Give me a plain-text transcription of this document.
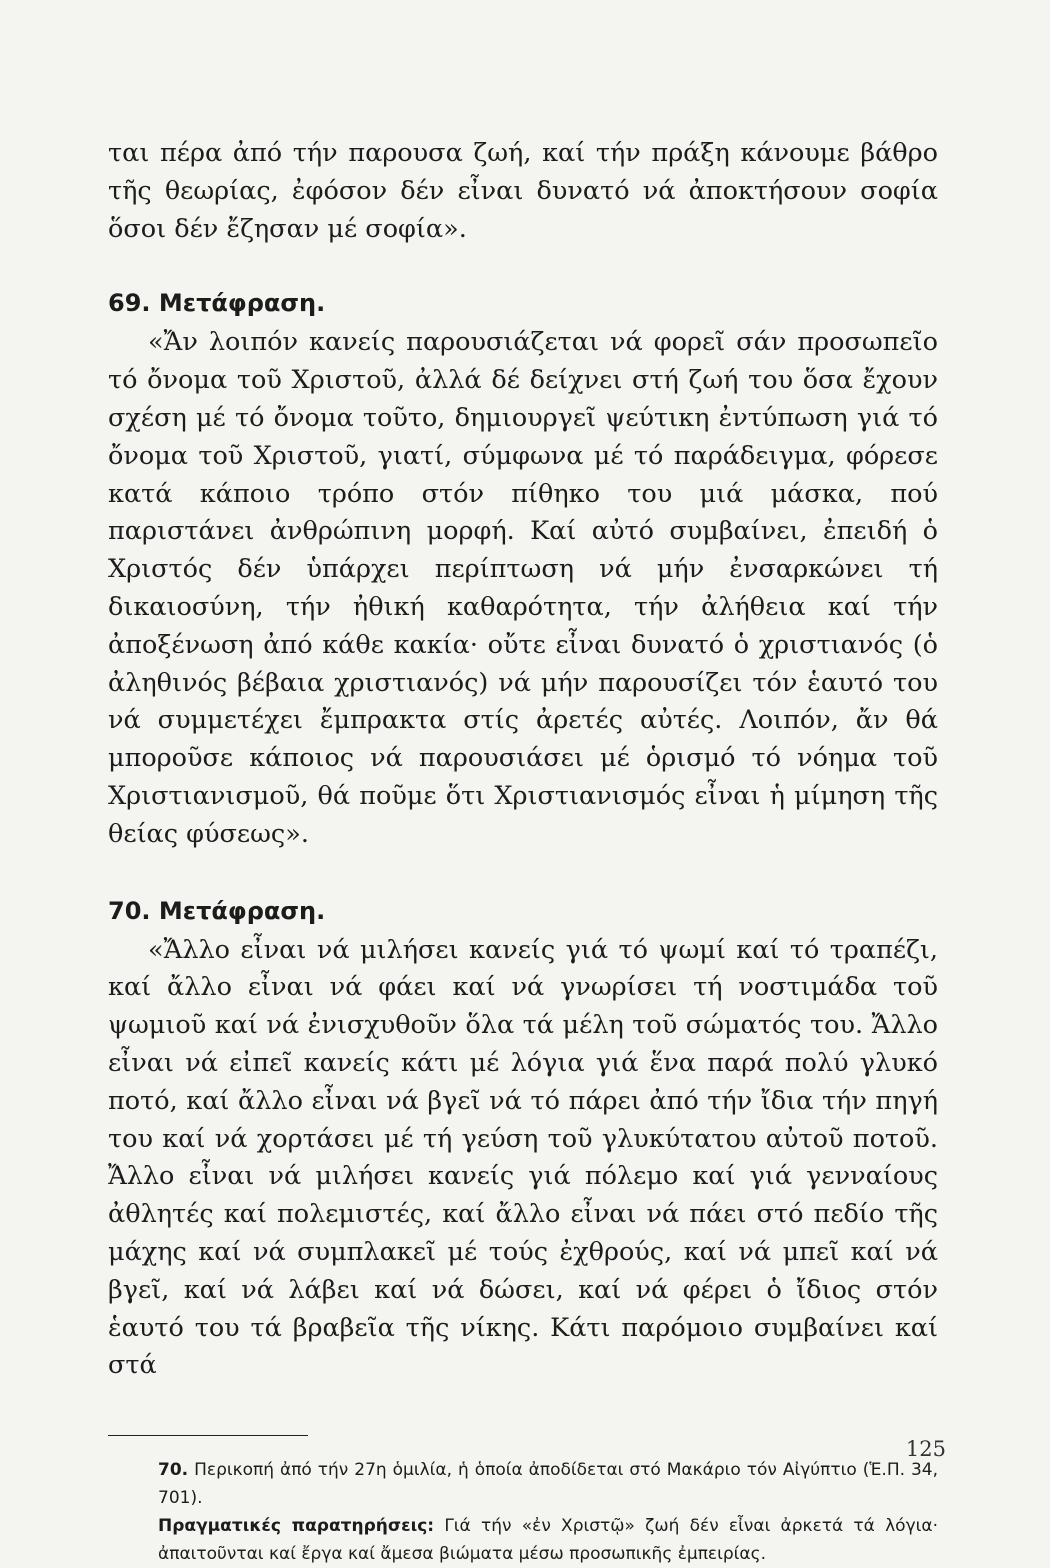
ται πέρα ἀπό τήν παρουσα ζωή, καί τήν πράξη κάνουμε βάθρο τῆς θεωρίας, ἐφόσον δέν εἶναι δυνατό νά ἀποκτήσουν σοφία ὅσοι δέν ἔζησαν μέ σοφία».

69. Μετάφραση.

«Ἄν λοιπόν κανείς παρουσιάζεται νά φορεῖ σάν προσωπεῖο τό ὄνομα τοῦ Χριστοῦ, ἀλλά δέ δείχνει στή ζωή του ὅσα ἔχουν σχέση μέ τό ὄνομα τοῦτο, δημιουργεῖ ψεύτικη ἐντύπωση γιά τό ὄνομα τοῦ Χριστοῦ, γιατί, σύμφωνα μέ τό παράδειγμα, φόρεσε κατά κάποιο τρόπο στόν πίθηκο του μιά μάσκα, πού παριστάνει ἀνθρώπινη μορφή. Καί αὐτό συμβαίνει, ἐπειδή ὁ Χριστός δέν ὑπάρχει περίπτωση νά μήν ἐνσαρκώνει τή δικαιοσύνη, τήν ἠθική καθαρότητα, τήν ἀλήθεια καί τήν ἀποξένωση ἀπό κάθε κακία· οὔτε εἶναι δυνατό ὁ χριστιανός (ὁ ἀληθινός βέβαια χριστιανός) νά μήν παρουσίζει τόν ἑαυτό του νά συμμετέχει ἔμπρακτα στίς ἀρετές αὐτές. Λοιπόν, ἄν θά μποροῦσε κάποιος νά παρουσιάσει μέ ὁρισμό τό νόημα τοῦ Χριστιανισμοῦ, θά ποῦμε ὅτι Χριστιανισμός εἶναι ἡ μίμηση τῆς θείας φύσεως».

70. Μετάφραση.

«Ἄλλο εἶναι νά μιλήσει κανείς γιά τό ψωμί καί τό τραπέζι, καί ἄλλο εἶναι νά φάει καί νά γνωρίσει τή νοστιμάδα τοῦ ψωμιοῦ καί νά ἐνισχυθοῦν ὅλα τά μέλη τοῦ σώματός του. Ἄλλο εἶναι νά εἰπεῖ κανείς κάτι μέ λόγια γιά ἕνα παρά πολύ γλυκό ποτό, καί ἄλλο εἶναι νά βγεῖ νά τό πάρει ἀπό τήν ἴδια τήν πηγή του καί νά χορτάσει μέ τή γεύση τοῦ γλυκύτατου αὐτοῦ ποτοῦ. Ἄλλο εἶναι νά μιλήσει κανείς γιά πόλεμο καί γιά γενναίους ἀθλητές καί πολεμιστές, καί ἄλλο εἶναι νά πάει στό πεδίο τῆς μάχης καί νά συμπλακεῖ μέ τούς ἐχθρούς, καί νά μπεῖ καί νά βγεῖ, καί νά λάβει καί νά δώσει, καί νά φέρει ὁ ἴδιος στόν ἑαυτό του τά βραβεῖα τῆς νίκης. Κάτι παρόμοιο συμβαίνει καί στά

70. Περικοπή ἀπό τήν 27η ὁμιλία, ἡ ὁποία ἀποδίδεται στό Μακάριο τόν Αἰγύπτιο (Ἑ.Π. 34, 701).

Πραγματικές παρατηρήσεις: Γιά τήν «ἐν Χριστῷ» ζωή δέν εἶναι ἀρκετά τά λόγια· ἀπαιτοῦνται καί ἔργα καί ἄμεσα βιώματα μέσω προσωπικῆς ἐμπειρίας.

125
